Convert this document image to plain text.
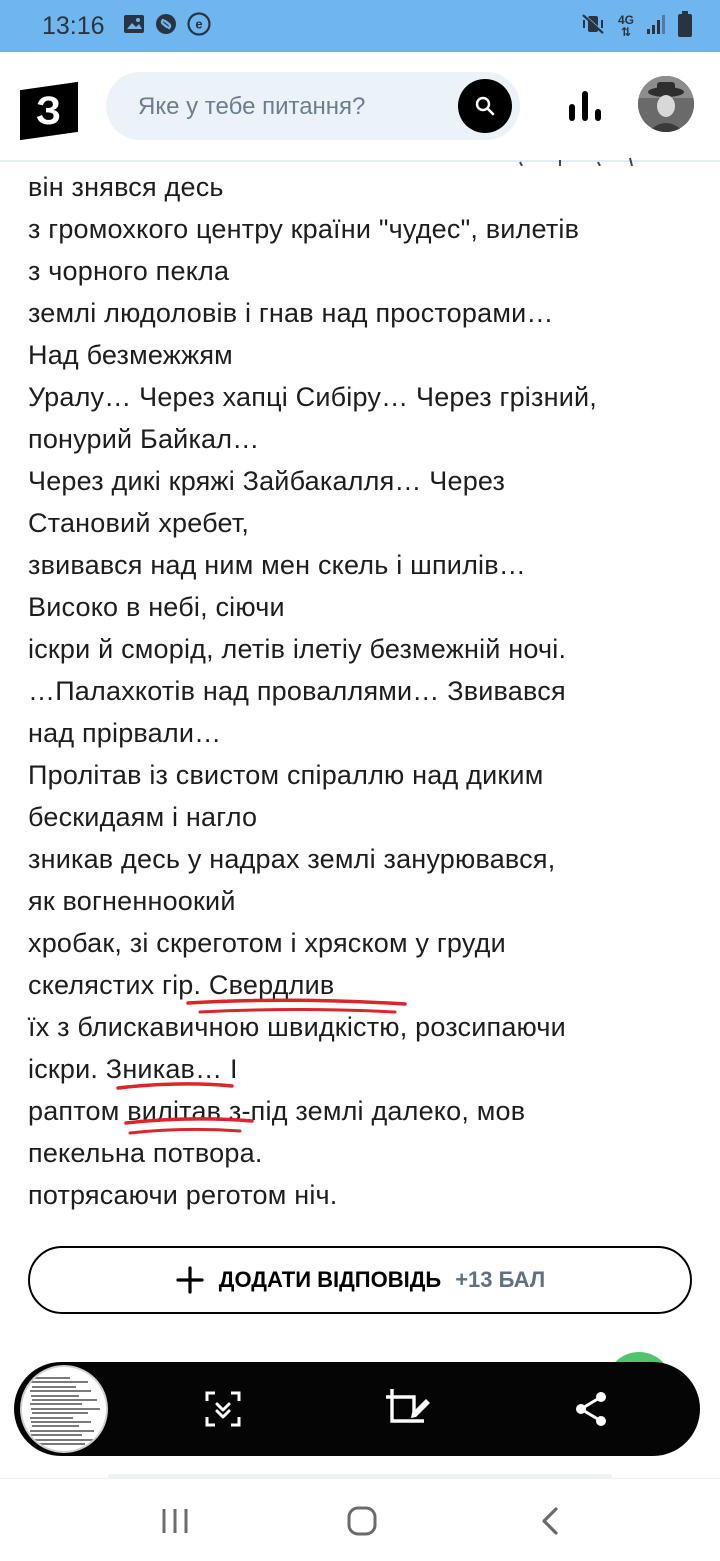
13:16	e	4G
⇅
З
Яке у тебе питання?

він знявся десь

з громохкого центру країни "чудес", вилетів

з чорного пекла

землі людоловів і гнав над просторами…

Над безмежжям

Уралу… Через хапці Сибіру… Через грізний,

понурий Байкал…

Через дикі кряжі Зайбакалля… Через

Становий хребет,

звивався над ним мен скель і шпилів…

Високо в небі, сіючи

іскри й сморід, летів ілетіу безмежній ночі.

…Палахкотів над проваллями… Звивався

над прірвали…

Пролітав із свистом спіраллю над диким

бескидаям і нагло

зникав десь у надрах землі занурювався,

як вогненноокий

хробак, зі скреготом і хряском у груди

скелястих гір. Свердлив

їх з блискавичною швидкістю, розсипаючи

іскри. Зникав… І

раптом вилітав з-під землі далеко, мов

пекельна потвора.

потрясаючи реготом ніч.

ДОДАТИ ВІДПОВІДЬ +13 БАЛ
